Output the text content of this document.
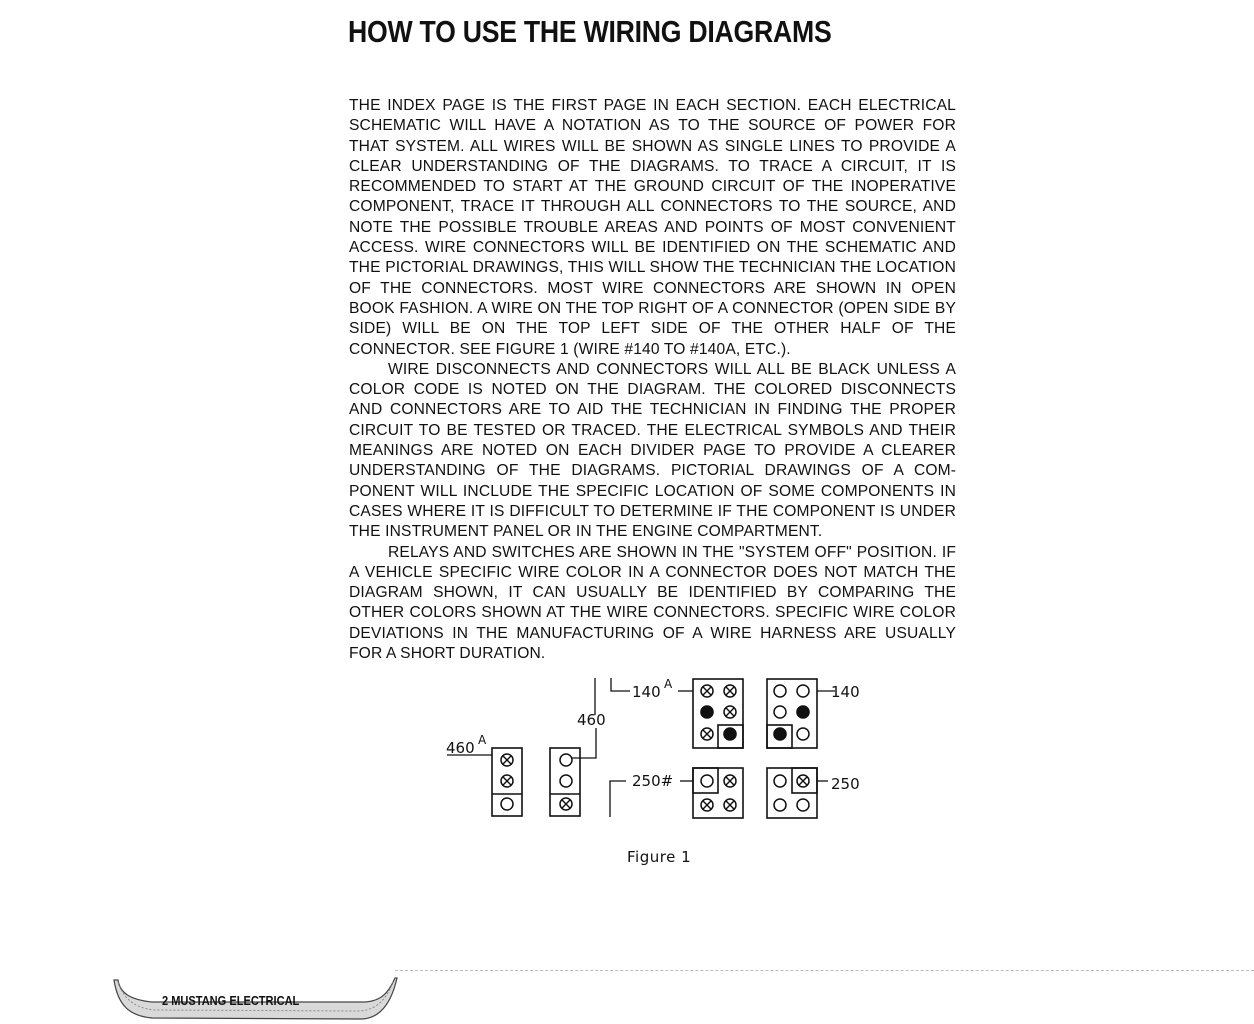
HOW TO USE THE WIRING DIAGRAMS

THE INDEX PAGE IS THE FIRST PAGE IN EACH SECTION. EACH ELECTRICAL SCHEMATIC WILL HAVE A NOTATION AS TO THE SOURCE OF POWER FOR THAT SYSTEM. ALL WIRES WILL BE SHOWN AS SINGLE LINES TO PROVIDE A CLEAR UNDERSTANDING OF THE DIAGRAMS. TO TRACE A CIRCUIT, IT IS RECOMMENDED TO START AT THE GROUND CIRCUIT OF THE INOPERATIVE COMPONENT, TRACE IT THROUGH ALL CONNECTORS TO THE SOURCE, AND NOTE THE POSSIBLE TROUBLE AREAS AND POINTS OF MOST CONVENIENT ACCESS. WIRE CONNECTORS WILL BE IDENTIFIED ON THE SCHEMATIC AND THE PICTORIAL DRAWINGS, THIS WILL SHOW THE TECHNICIAN THE LOCATION OF THE CONNECTORS. MOST WIRE CONNECTORS ARE SHOWN IN OPEN BOOK FASHION. A WIRE ON THE TOP RIGHT OF A CONNECTOR (OPEN SIDE BY SIDE) WILL BE ON THE TOP LEFT SIDE OF THE OTHER HALF OF THE CONNECTOR. SEE FIGURE 1 (WIRE #140 TO #140A, ETC.).

WIRE DISCONNECTS AND CONNECTORS WILL ALL BE BLACK UNLESS A COLOR CODE IS NOTED ON THE DIAGRAM. THE COLORED DISCONNECTS AND CONNECTORS ARE TO AID THE TECHNICIAN IN FINDING THE PROPER CIRCUIT TO BE TESTED OR TRACED. THE ELECTRICAL SYMBOLS AND THEIR MEANINGS ARE NOTED ON EACH DIVIDER PAGE TO PROVIDE A CLEARER UNDERSTANDING OF THE DIAGRAMS. PICTORIAL DRAWINGS OF A COMPONENT WILL INCLUDE THE SPECIFIC LOCATION OF SOME COMPONENTS IN CASES WHERE IT IS DIFFICULT TO DETERMINE IF THE COMPONENT IS UNDER THE INSTRUMENT PANEL OR IN THE ENGINE COMPARTMENT.

RELAYS AND SWITCHES ARE SHOWN IN THE "SYSTEM OFF" POSITION. IF A VEHICLE SPECIFIC WIRE COLOR IN A CONNECTOR DOES NOT MATCH THE DIAGRAM SHOWN, IT CAN USUALLY BE IDENTIFIED BY COMPARING THE OTHER COLORS SHOWN AT THE WIRE CONNECTORS. SPECIFIC WIRE COLOR DEVIATIONS IN THE MANUFACTURING OF A WIRE HARNESS ARE USUALLY FOR A SHORT DURATION.

140 A	140
460
460 A
250#	250
Figure 1
2 MUSTANG ELECTRICAL
